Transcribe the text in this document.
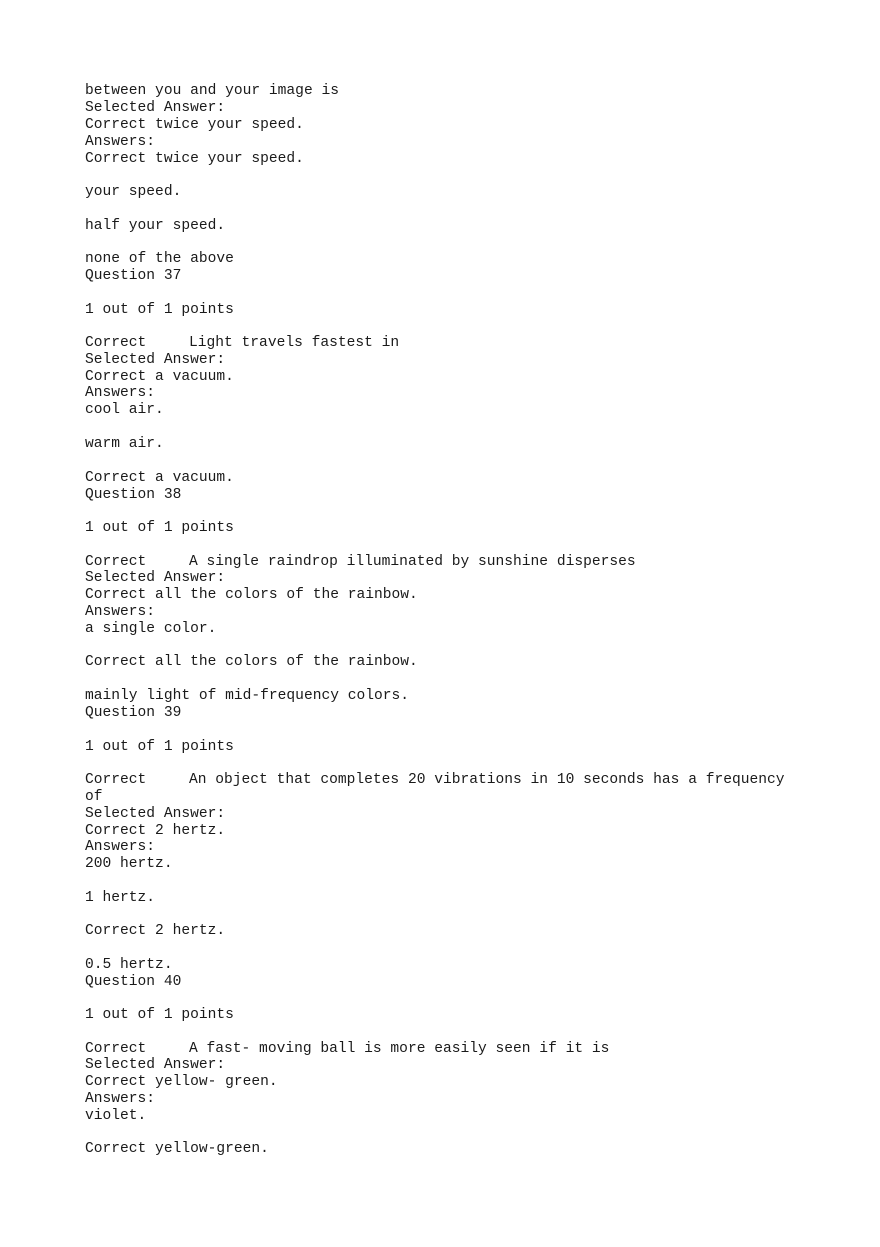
between you and your image is

Selected Answer:

Correct twice your speed.

Answers:

Correct twice your speed.

your speed.

half your speed.

none of the above

Question 37

1 out of 1 points

Correct	Light travels fastest in

Selected Answer:

Correct a vacuum.

Answers:

cool air.

warm air.

Correct a vacuum.

Question 38

1 out of 1 points

Correct	A single raindrop illuminated by sunshine disperses

Selected Answer:

Correct all the colors of the rainbow.

Answers:

a single color.

Correct all the colors of the rainbow.

mainly light of mid-frequency colors.

Question 39

1 out of 1 points

Correct	An object that completes 20 vibrations in 10 seconds has a frequency

of

Selected Answer:

Correct 2 hertz.

Answers:

200 hertz.

1 hertz.

Correct 2 hertz.

0.5 hertz.

Question 40

1 out of 1 points

Correct	A fast- moving ball is more easily seen if it is

Selected Answer:

Correct yellow- green.

Answers:

violet.

Correct yellow-green.
